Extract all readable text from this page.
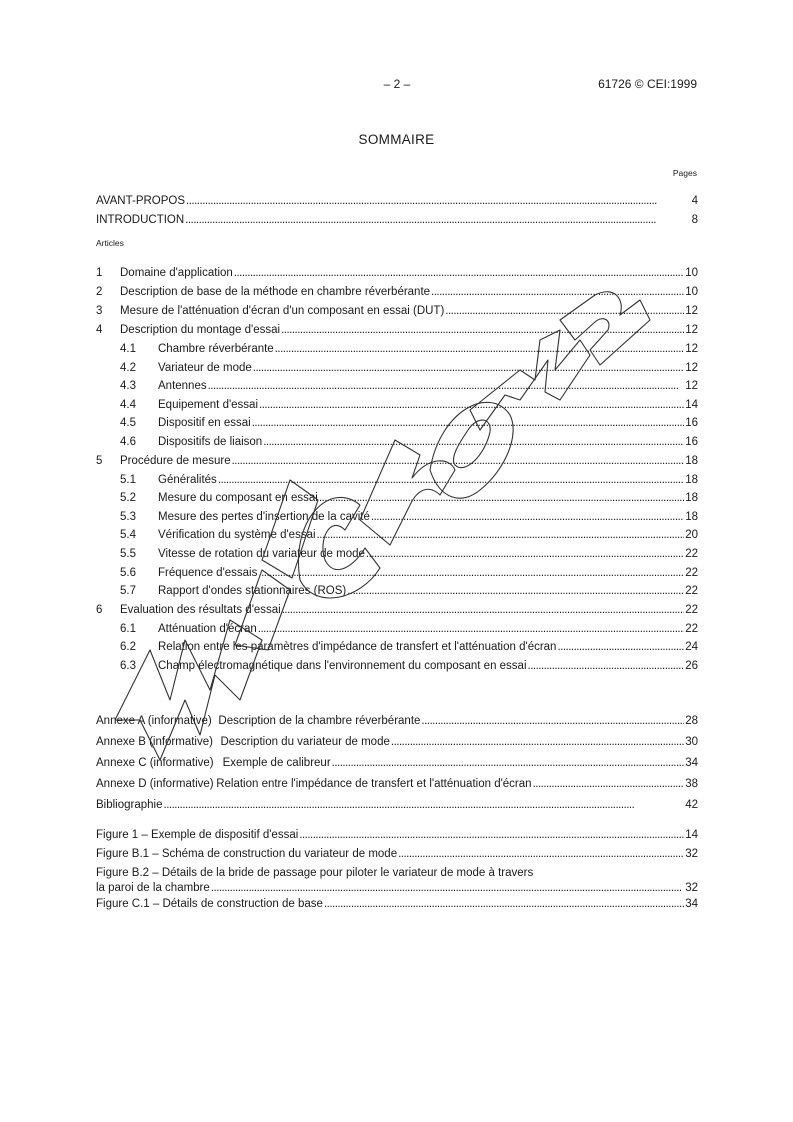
– 2 –	61726 © CEI:1999
SOMMAIRE
Pages
AVANT-PROPOS . . .	4
INTRODUCTION . . .	8
Articles
1	Domaine d'application . . .	10
2	Description de base de la méthode en chambre réverbérante . . .	10
3	Mesure de l'atténuation d'écran d'un composant en essai (DUT) . . .	12
4	Description du montage d'essai . . .	12
4.1	Chambre réverbérante . . .	12
4.2	Variateur de mode . . .	12
4.3	Antennes . . .	12
4.4	Equipement d'essai . . .	14
4.5	Dispositif en essai . . .	16
4.6	Dispositifs de liaison . . .	16
5	Procédure de mesure . . .	18
5.1	Généralités . . .	18
5.2	Mesure du composant en essai . . .	18
5.3	Mesure des pertes d'insertion de la cavité . . .	18
5.4	Vérification du système d'essai . . .	20
5.5	Vitesse de rotation du variateur de mode . . .	22
5.6	Fréquence d'essais . . .	22
5.7	Rapport d'ondes stationnaires (ROS) . . .	22
6	Evaluation des résultats d'essai . . .	22
6.1	Atténuation d'écran . . .	22
6.2	Relation entre les paramètres d'impédance de transfert et l'atténuation d'écran . . .	24
6.3	Champ électromagnétique dans l'environnement du composant en essai . . .	26
Annexe A (informative) Description de la chambre réverbérante . . .	28
Annexe B (informative) Description du variateur de mode . . .	30
Annexe C (informative) Exemple de calibreur . . .	34
Annexe D (informative) Relation entre l'impédance de transfert et l'atténuation d'écran . . .	38
Bibliographie . . .	42
Figure 1 – Exemple de dispositif d'essai . . .	14
Figure B.1 – Schéma de construction du variateur de mode . . .	32
Figure B.2 – Détails de la bride de passage pour piloter le variateur de mode à travers
la paroi de la chambre . . .	32
Figure C.1 – Détails de construction de base . . .	34
